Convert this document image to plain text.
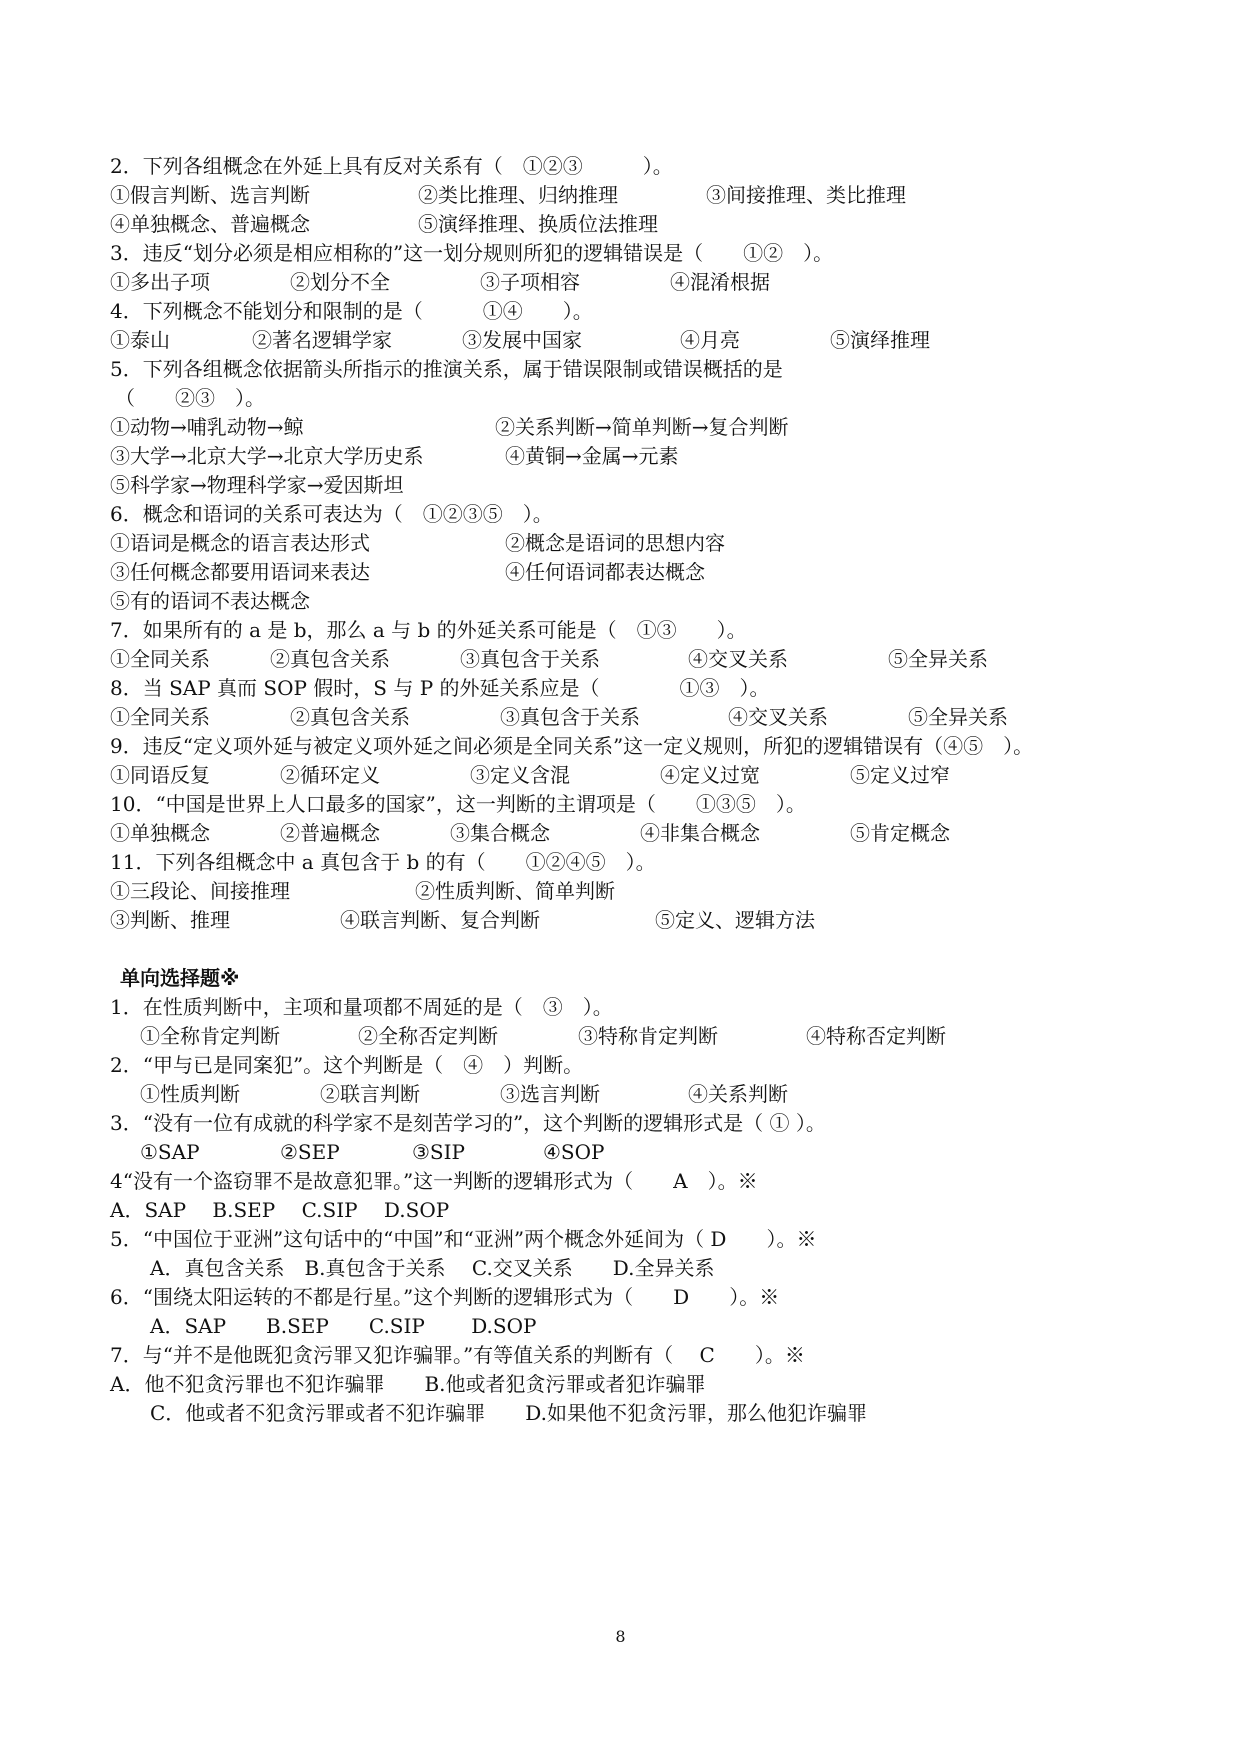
2．下列各组概念在外延上具有反对关系有（　①②③　　　）。
①假言判断、选言判断	②类比推理、归纳推理	③间接推理、类比推理
④单独概念、普遍概念	⑤演绎推理、换质位法推理
3．违反“划分必须是相应相称的”这一划分规则所犯的逻辑错误是（　　①②　）。
①多出子项	②划分不全	③子项相容	④混淆根据
4．下列概念不能划分和限制的是（　　　①④　　）。
①泰山	②著名逻辑学家	③发展中国家	④月亮	⑤演绎推理
5．下列各组概念依据箭头所指示的推演关系，属于错误限制或错误概括的是
（　　②③　）。
①动物→哺乳动物→鲸	②关系判断→简单判断→复合判断
③大学→北京大学→北京大学历史系	④黄铜→金属→元素
⑤科学家→物理科学家→爱因斯坦
6．概念和语词的关系可表达为（　①②③⑤　）。
①语词是概念的语言表达形式	②概念是语词的思想内容
③任何概念都要用语词来表达	④任何语词都表达概念
⑤有的语词不表达概念
7．如果所有的 a 是 b，那么 a 与 b 的外延关系可能是（　①③　　）。
①全同关系	②真包含关系	③真包含于关系	④交叉关系	⑤全异关系
8．当 SAP 真而 SOP 假时，S 与 P 的外延关系应是（　　　　①③　）。
①全同关系	②真包含关系	③真包含于关系	④交叉关系	⑤全异关系
9．违反“定义项外延与被定义项外延之间必须是全同关系”这一定义规则，所犯的逻辑错误有（④⑤　）。
①同语反复	②循环定义	③定义含混	④定义过宽	⑤定义过窄
10．“中国是世界上人口最多的国家”，这一判断的主谓项是（　　①③⑤　）。
①单独概念	②普遍概念	③集合概念	④非集合概念	⑤肯定概念
11．下列各组概念中 a 真包含于 b 的有（　　①②④⑤　）。
①三段论、间接推理	②性质判断、简单判断
③判断、推理	④联言判断、复合判断	⑤定义、逻辑方法
单向选择题※
1．在性质判断中，主项和量项都不周延的是（　③　）。
①全称肯定判断	②全称否定判断	③特称肯定判断	④特称否定判断
2．“甲与已是同案犯”。这个判断是（　④　）判断。
①性质判断	②联言判断	③选言判断	④关系判断
3．“没有一位有成就的科学家不是刻苦学习的”，这个判断的逻辑形式是（ ① ）。
①SAP	②SEP	③SIP	④SOP
4“没有一个盗窃罪不是故意犯罪。”这一判断的逻辑形式为（　　A　）。※
A．SAP　 B.SEP　 C.SIP　 D.SOP
5．“中国位于亚洲”这句话中的“中国”和“亚洲”两个概念外延间为（ D　　）。※
A．真包含关系　B.真包含于关系　 C.交叉关系　　D.全异关系
6．“围绕太阳运转的不都是行星。”这个判断的逻辑形式为（　　D　　）。※
A．SAP　　B.SEP　　C.SIP　　 D.SOP
7．与“并不是他既犯贪污罪又犯诈骗罪。”有等值关系的判断有（　 C　　）。※
A．他不犯贪污罪也不犯诈骗罪　　B.他或者犯贪污罪或者犯诈骗罪
C．他或者不犯贪污罪或者不犯诈骗罪　　D.如果他不犯贪污罪，那么他犯诈骗罪
8
